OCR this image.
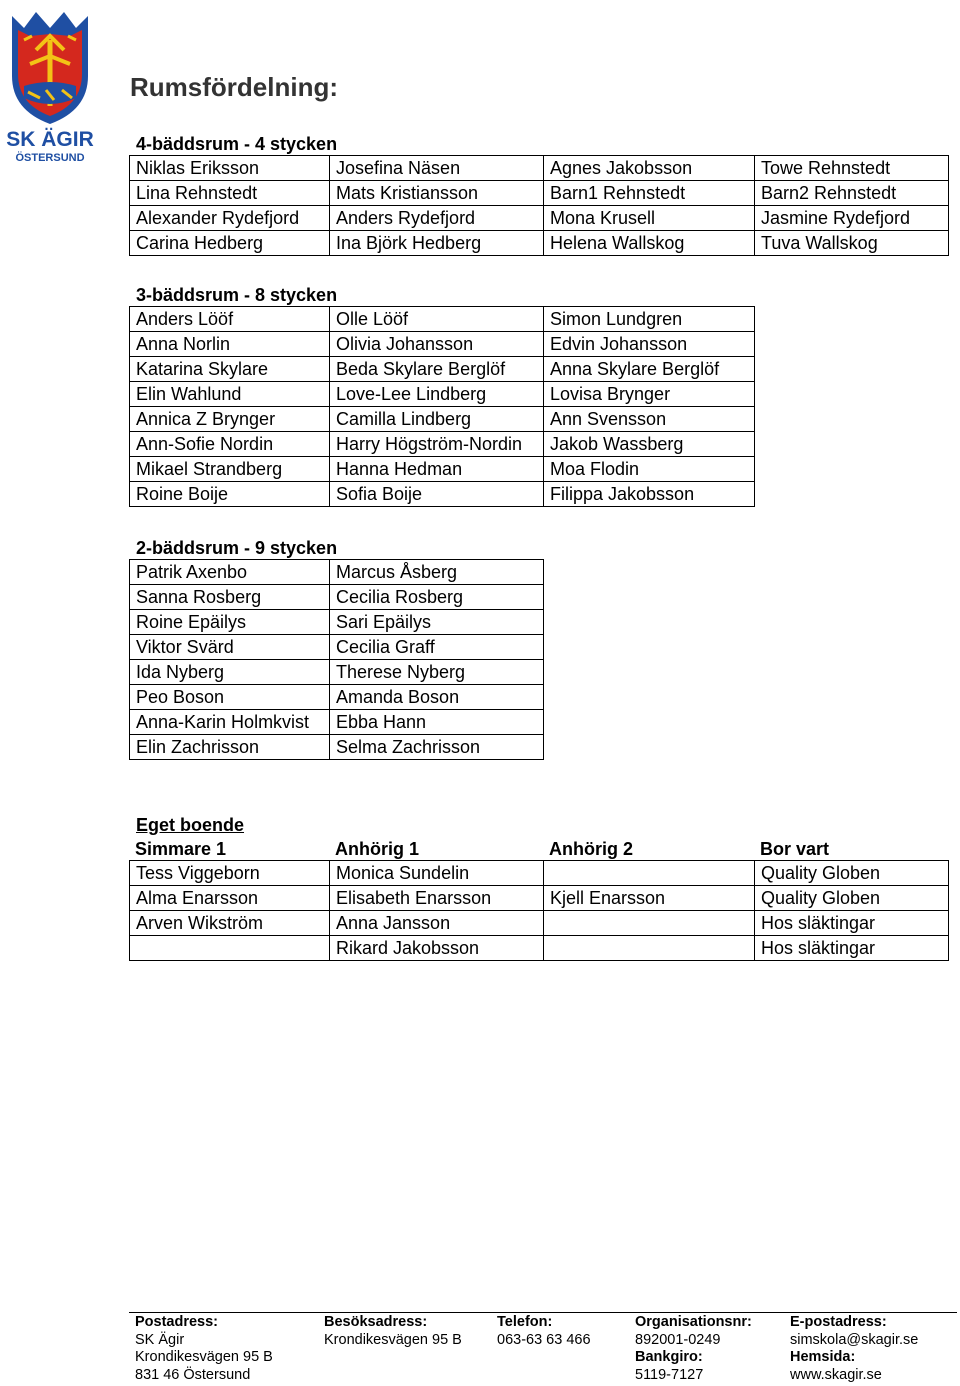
SK ÄGIR
ÖSTERSUND
Rumsfördelning:
4-bäddsrum - 4 stycken
Niklas Eriksson	Josefina Näsen	Agnes Jakobsson	Towe Rehnstedt
Lina Rehnstedt	Mats Kristiansson	Barn1 Rehnstedt	Barn2 Rehnstedt
Alexander Rydefjord	Anders Rydefjord	Mona Krusell	Jasmine Rydefjord
Carina Hedberg	Ina Björk Hedberg	Helena Wallskog	Tuva Wallskog
3-bäddsrum - 8 stycken
Anders Lööf	Olle Lööf	Simon Lundgren
Anna Norlin	Olivia Johansson	Edvin Johansson
Katarina Skylare	Beda Skylare Berglöf	Anna Skylare Berglöf
Elin Wahlund	Love-Lee Lindberg	Lovisa Brynger
Annica Z Brynger	Camilla Lindberg	Ann Svensson
Ann-Sofie Nordin	Harry Högström-Nordin	Jakob Wassberg
Mikael Strandberg	Hanna Hedman	Moa Flodin
Roine Boije	Sofia Boije	Filippa Jakobsson
2-bäddsrum - 9 stycken
Patrik Axenbo	Marcus Åsberg
Sanna Rosberg	Cecilia Rosberg
Roine Epäilys	Sari Epäilys
Viktor Svärd	Cecilia Graff
Ida Nyberg	Therese Nyberg
Peo Boson	Amanda Boson
Anna-Karin Holmkvist	Ebba Hann
Elin Zachrisson	Selma Zachrisson
Eget boende
Simmare 1	Anhörig 1	Anhörig 2	Bor vart
Tess Viggeborn	Monica Sundelin		Quality Globen
Alma Enarsson	Elisabeth Enarsson	Kjell Enarsson	Quality Globen
Arven Wikström	Anna Jansson		Hos släktingar
	Rikard Jakobsson		Hos släktingar
Postadress:
SK Ägir
Krondikesvägen 95 B
831 46 Östersund
Besöksadress:
Krondikesvägen 95 B
Telefon:
063-63 63 466
Organisationsnr:
892001-0249
Bankgiro:
5119-7127
E-postadress:
simskola@skagir.se
Hemsida:
www.skagir.se
